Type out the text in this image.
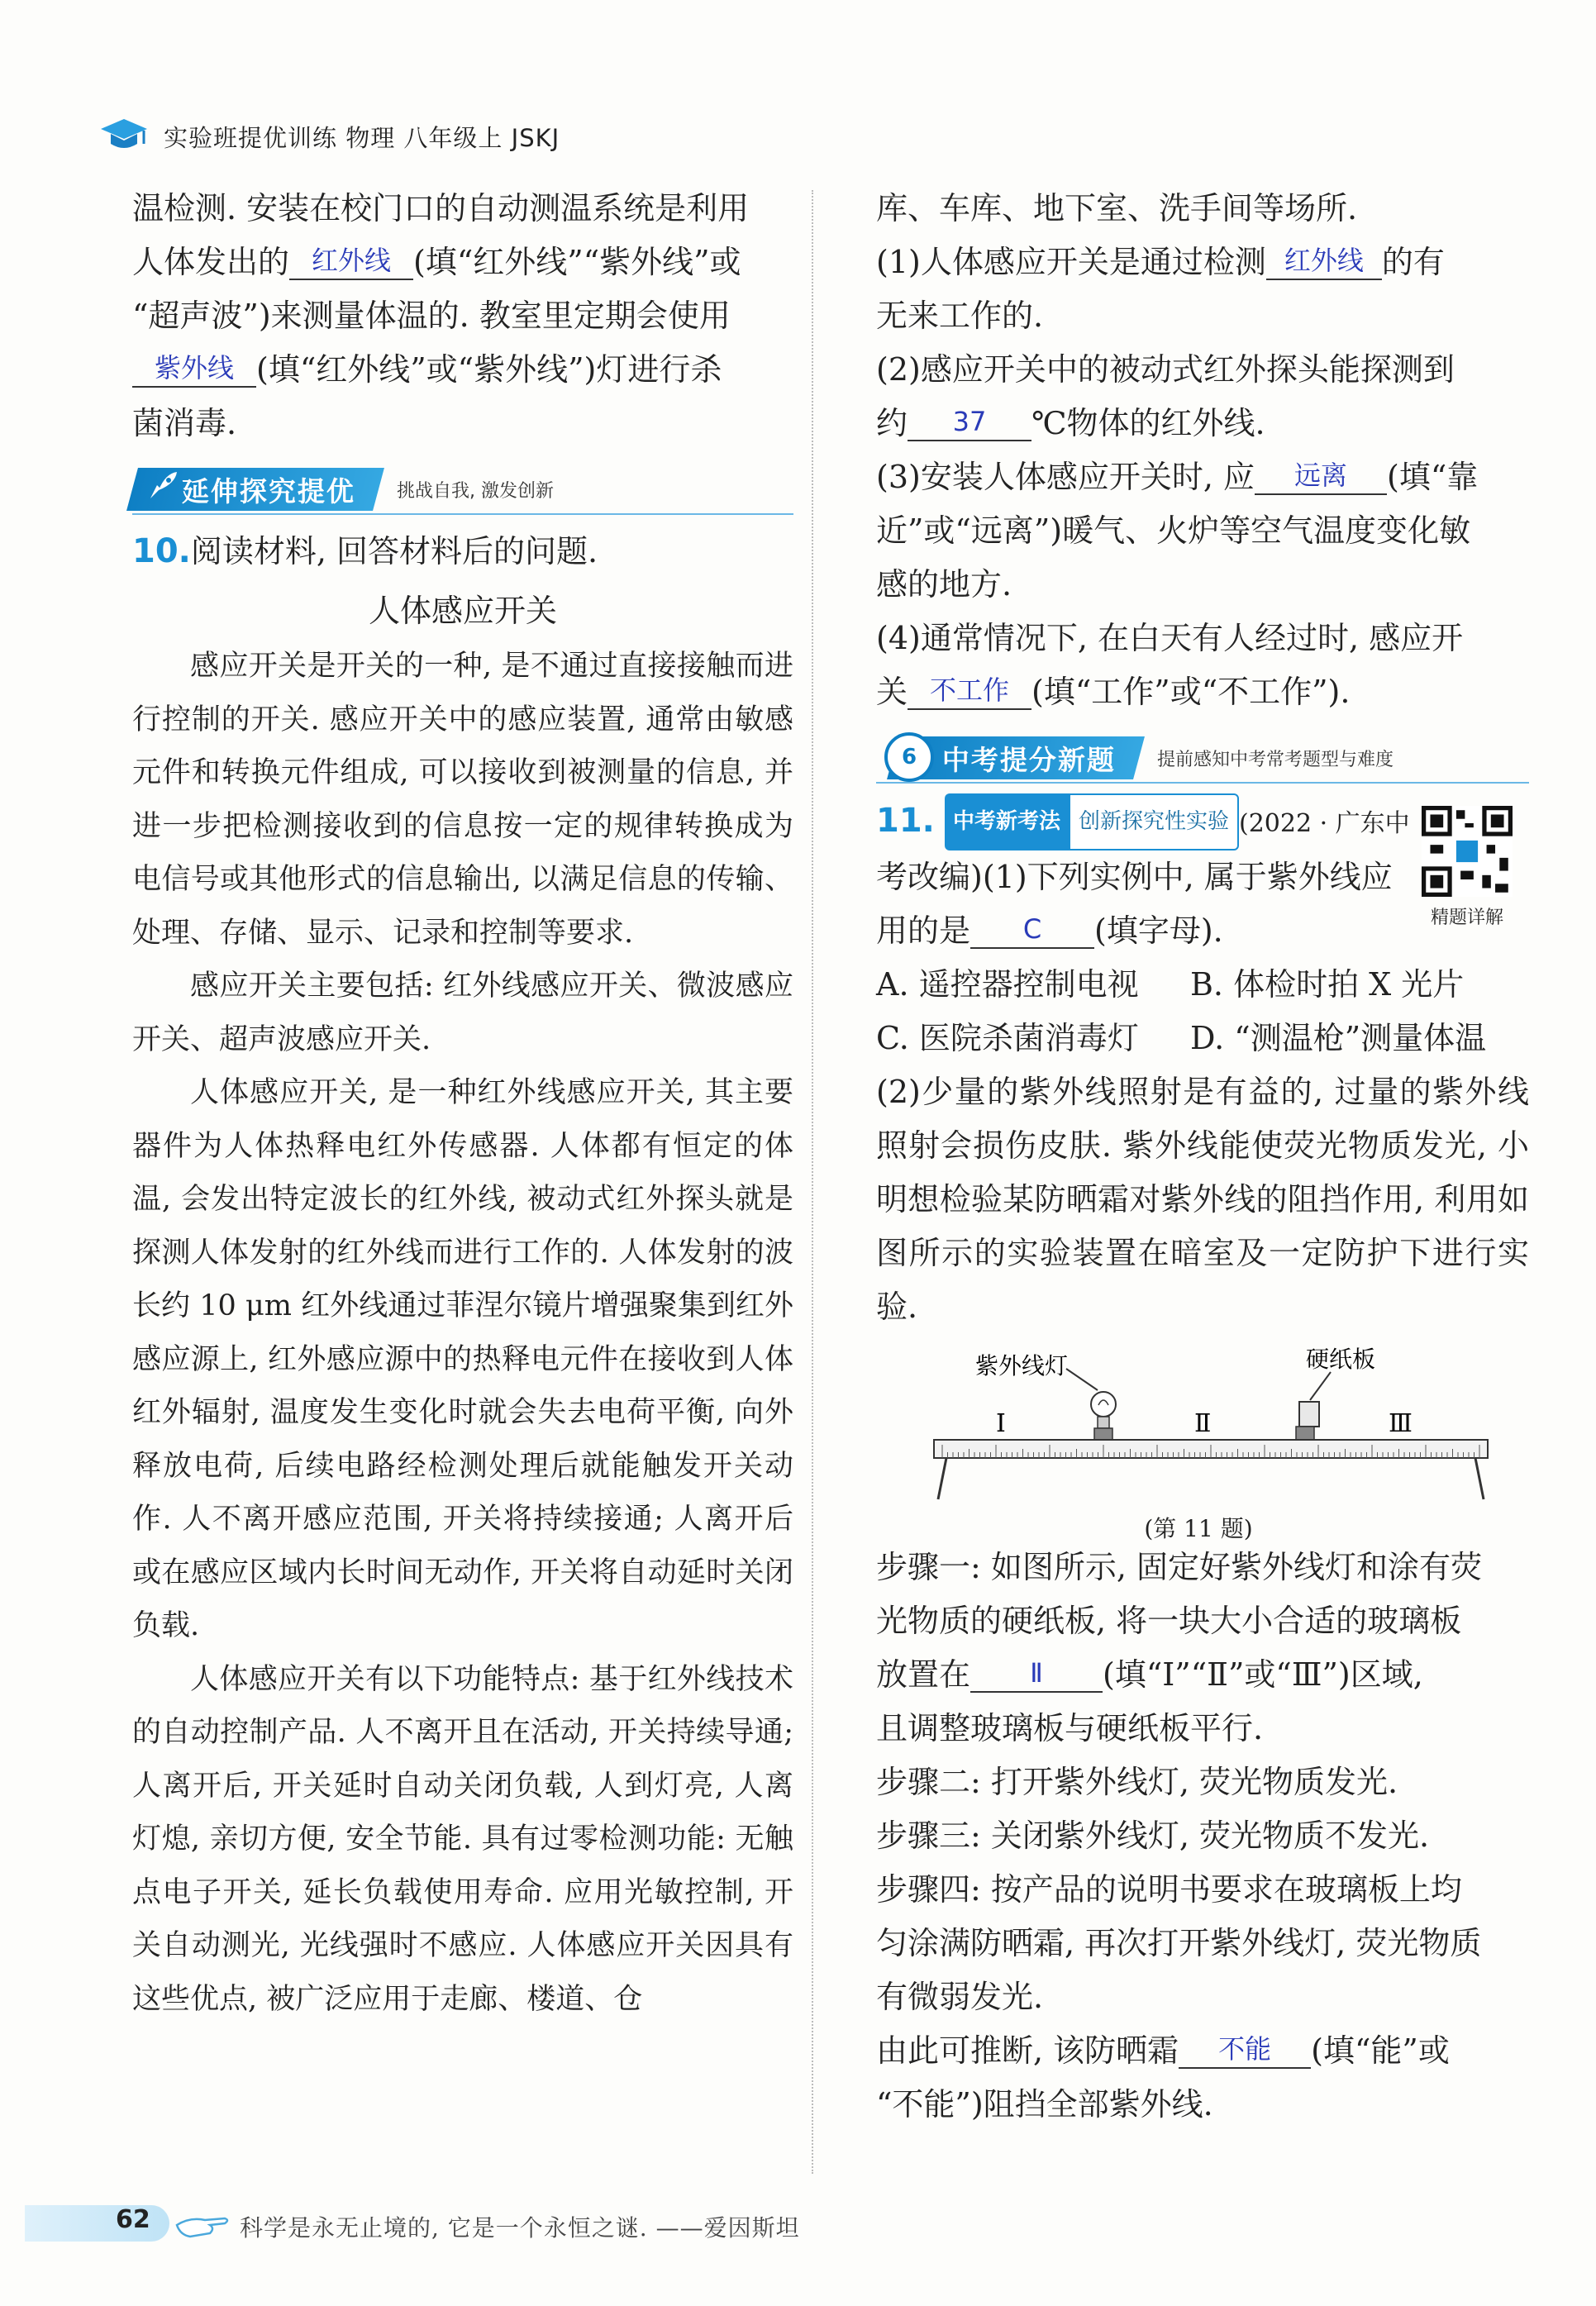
实验班提优训练 物理 八年级上 JSKJ

温检测. 安装在校门口的自动测温系统是利用

人体发出的 红外线 (填“红外线”“紫外线”或

“超声波”)来测量体温的. 教室里定期会使用

紫外线 (填“红外线”或“紫外线”)灯进行杀

菌消毒.

延伸探究提优 挑战自我, 激发创新

10. 阅读材料, 回答材料后的问题.

人体感应开关

感应开关是开关的一种, 是不通过直接接触而进行控制的开关. 感应开关中的感应装置, 通常由敏感元件和转换元件组成, 可以接收到被测量的信息, 并进一步把检测接收到的信息按一定的规律转换成为电信号或其他形式的信息输出, 以满足信息的传输、处理、存储、显示、记录和控制等要求.

感应开关主要包括: 红外线感应开关、微波感应开关、超声波感应开关.

人体感应开关, 是一种红外线感应开关, 其主要器件为人体热释电红外传感器. 人体都有恒定的体温, 会发出特定波长的红外线, 被动式红外探头就是探测人体发射的红外线而进行工作的. 人体发射的波长约 10 μm 红外线通过菲涅尔镜片增强聚集到红外感应源上, 红外感应源中的热释电元件在接收到人体红外辐射, 温度发生变化时就会失去电荷平衡, 向外释放电荷, 后续电路经检测处理后就能触发开关动作. 人不离开感应范围, 开关将持续接通; 人离开后或在感应区域内长时间无动作, 开关将自动延时关闭负载.

人体感应开关有以下功能特点: 基于红外线技术的自动控制产品. 人不离开且在活动, 开关持续导通; 人离开后, 开关延时自动关闭负载, 人到灯亮, 人离灯熄, 亲切方便, 安全节能. 具有过零检测功能: 无触点电子开关, 延长负载使用寿命. 应用光敏控制, 开关自动测光, 光线强时不感应. 人体感应开关因具有这些优点, 被广泛应用于走廊、楼道、仓

库、车库、地下室、洗手间等场所.

(1)人体感应开关是通过检测 红外线 的有

无来工作的.

(2)感应开关中的被动式红外探头能探测到

约 37 ℃物体的红外线.

(3)安装人体感应开关时, 应 远离 (填“靠

近”或“远离”)暖气、火炉等空气温度变化敏

感的地方.

(4)通常情况下, 在白天有人经过时, 感应开

关 不工作 (填“工作”或“不工作”).

6 中考提分新题 提前感知中考常考题型与难度

11. 中考新考法 创新探究性实验 (2022 · 广东中

考改编)(1)下列实例中, 属于紫外线应

用的是 C (填字母).	精题详解
A. 遥控器控制电视	B. 体检时拍 X 光片
C. 医院杀菌消毒灯	D. “测温枪”测量体温

(2)少量的紫外线照射是有益的, 过量的紫外线照射会损伤皮肤. 紫外线能使荧光物质发光, 小明想检验某防晒霜对紫外线的阻挡作用, 利用如图所示的实验装置在暗室及一定防护下进行实验.

紫外线灯	硬纸板
Ⅰ	Ⅱ	Ⅲ

(第 11 题)

步骤一: 如图所示, 固定好紫外线灯和涂有荧

光物质的硬纸板, 将一块大小合适的玻璃板

放置在 Ⅱ (填“Ⅰ”“Ⅱ”或“Ⅲ”)区域,

且调整玻璃板与硬纸板平行.

步骤二: 打开紫外线灯, 荧光物质发光.

步骤三: 关闭紫外线灯, 荧光物质不发光.

步骤四: 按产品的说明书要求在玻璃板上均

匀涂满防晒霜, 再次打开紫外线灯, 荧光物质

有微弱发光.

由此可推断, 该防晒霜 不能 (填“能”或

“不能”)阻挡全部紫外线.

62	科学是永无止境的, 它是一个永恒之谜. ——爱因斯坦
